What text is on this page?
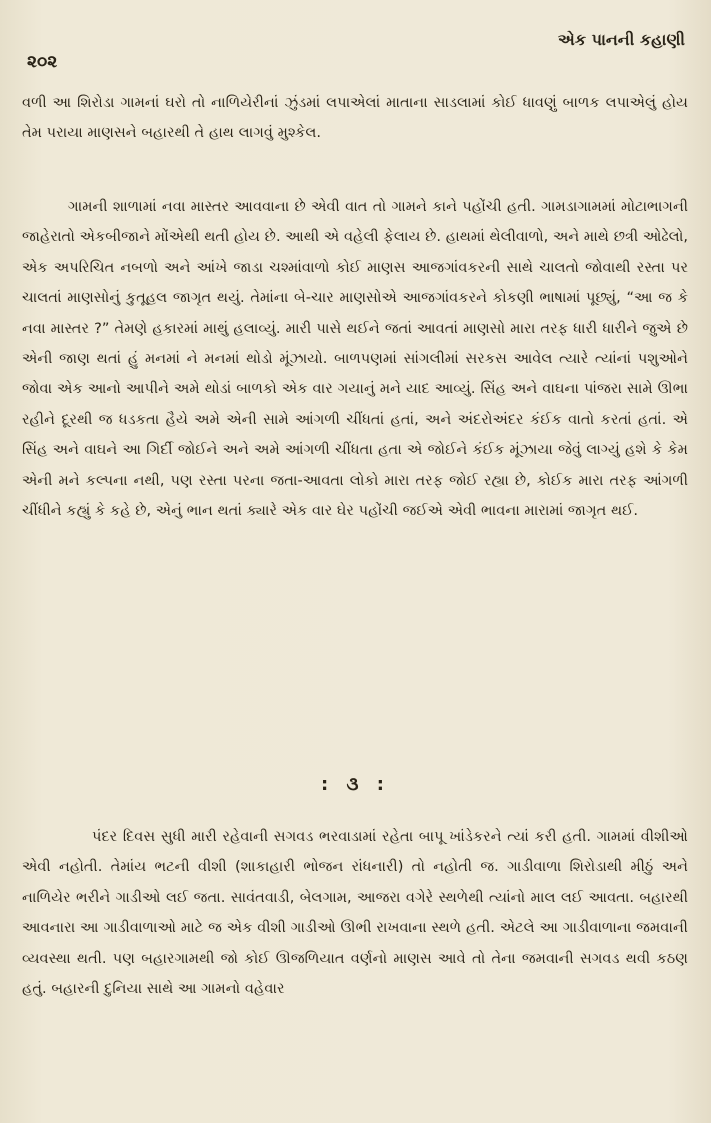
૨૦૨
એક પાનની કહાણી
વળી આ શિરોડા ગામનાં ઘરો તો નાળિયેરીનાં ઝુંડમાં લપાએલાં માતાના સાડલામાં કોઈ ધાવણું બાળક લપાએલું હોય તેમ પરાયા માણસને બહારથી તે હાથ લાગવું મુશ્કેલ.
ગામની શાળામાં નવા માસ્તર આવવાના છે એવી વાત તો ગામને કાને પહોંચી હતી. ગામડાગામમાં મોટાભાગની જાહેરાતો એકબીજાને મોંએથી થતી હોય છે. આથી એ વહેલી ફેલાય છે. હાથમાં થેલીવાળો, અને માથે છત્રી ઓઢેલો, એક અપરિચિત નબળો અને આંખે જાડા ચશ્માંવાળો કોઈ માણસ આજગાંવકરની સાથે ચાલતો જોવાથી રસ્તા પર ચાલતાં માણસોનું કુતૂહલ જાગૃત થયું. તેમાંના બે-ચાર માણસોએ આજગાંવકરને કોકણી ભાષામાં પૂછ્યું, “આ જ કે નવા માસ્તર ?” તેમણે હકારમાં માથું હલાવ્યું. મારી પાસે થઈને જતાં આવતાં માણસો મારા તરફ ધારી ધારીને જુએ છે એની જાણ થતાં હું મનમાં ને મનમાં થોડો મૂંઝાયો. બાળપણમાં સાંગલીમાં સરકસ આવેલ ત્યારે ત્યાંનાં પશુઓને જોવા એક આનો આપીને અમે થોડાં બાળકો એક વાર ગયાનું મને યાદ આવ્યું. સિંહ અને વાઘના પાંજરા સામે ઊભા રહીને દૂરથી જ ધડકતા હૈયે અમે એની સામે આંગળી ચીંધતાં હતાં, અને અંદરોઅંદર કંઈક વાતો કરતાં હતાં. એ સિંહ અને વાઘને આ ગિર્દી જોઈને અને અમે આંગળી ચીંધતા હતા એ જોઈને કંઈક મૂંઝાયા જેવું લાગ્યું હશે કે કેમ એની મને કલ્પના નથી, પણ રસ્તા પરના જતા-આવતા લોકો મારા તરફ જોઈ રહ્યા છે, કોઈક મારા તરફ આંગળી ચીંધીને કહ્યું કે કહે છે, એનું ભાન થતાં ક્યારે એક વાર ઘેર પહોંચી જઈએ એવી ભાવના મારામાં જાગૃત થઈ.
: ૩ :
પંદર દિવસ સુધી મારી રહેવાની સગવડ ભરવાડામાં રહેતા બાપૂ ખાંડેકરને ત્યાં કરી હતી. ગામમાં વીશીઓ એવી નહોતી. તેમાંય ભટની વીશી (શાકાહારી ભોજન રાંધનારી) તો નહોતી જ. ગાડીવાળા શિરોડાથી મીઠું અને નાળિયેર ભરીને ગાડીઓ લઈ જતા. સાવંતવાડી, બેલગામ, આજરા વગેરે સ્થળેથી ત્યાંનો માલ લઈ આવતા. બહારથી આવનારા આ ગાડીવાળાઓ માટે જ એક વીશી ગાડીઓ ઊભી રાખવાના સ્થળે હતી. એટલે આ ગાડીવાળાના જમવાની વ્યવસ્થા થતી. પણ બહારગામથી જો કોઈ ઊજળિયાત વર્ણનો માણસ આવે તો તેના જમવાની સગવડ થવી કઠણ હતું. બહારની દુનિયા સાથે આ ગામનો વહેવાર
